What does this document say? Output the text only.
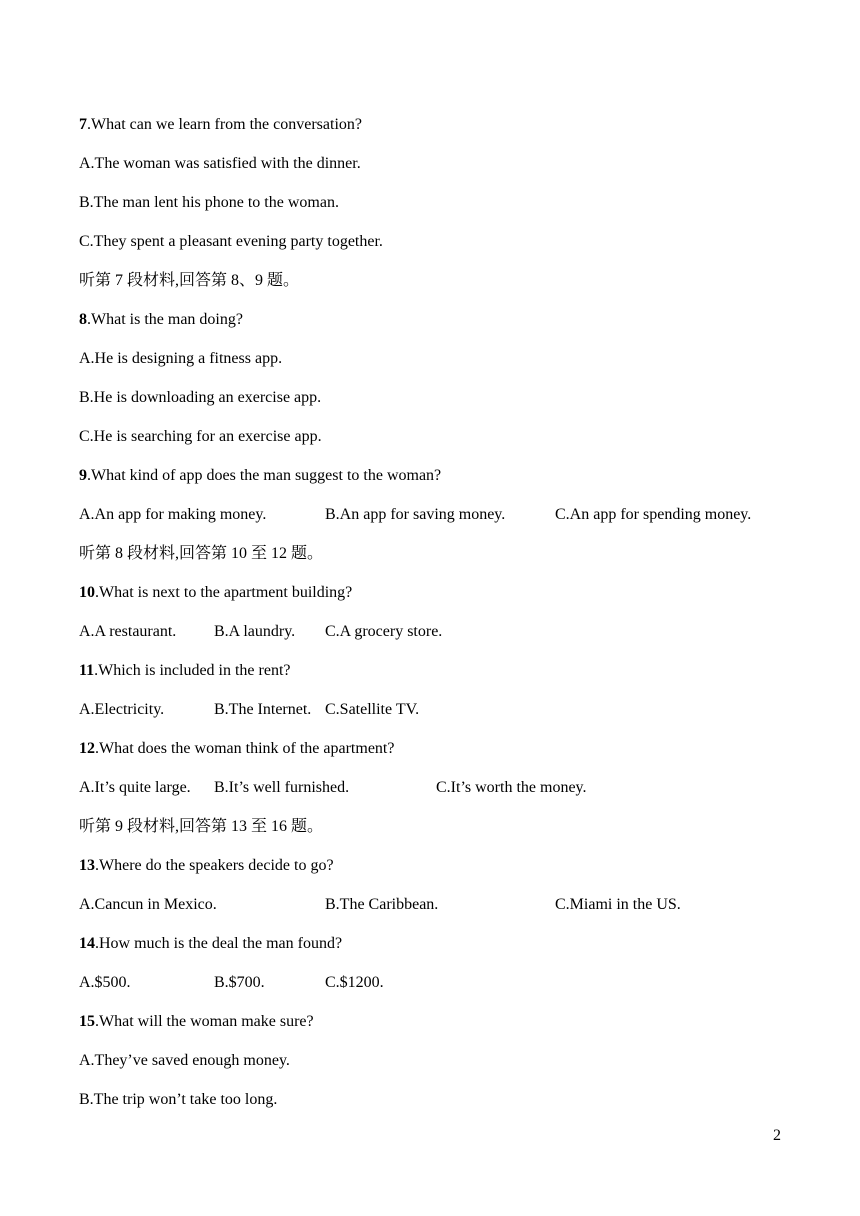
7.What can we learn from the conversation?
A.The woman was satisfied with the dinner.
B.The man lent his phone to the woman.
C.They spent a pleasant evening party together.
听第 7 段材料,回答第 8、9 题。
8.What is the man doing?
A.He is designing a fitness app.
B.He is downloading an exercise app.
C.He is searching for an exercise app.
9.What kind of app does the man suggest to the woman?
A.An app for making money.	B.An app for saving money.	C.An app for spending money.
听第 8 段材料,回答第 10 至 12 题。
10.What is next to the apartment building?
A.A restaurant. B.A laundry. C.A grocery store.
11.Which is included in the rent?
A.Electricity.	B.The Internet. C.Satellite TV.
12.What does the woman think of the apartment?
A.It’s quite large. B.It’s well furnished.	C.It’s worth the money.
听第 9 段材料,回答第 13 至 16 题。
13.Where do the speakers decide to go?
A.Cancun in Mexico.	B.The Caribbean.	C.Miami in the US.
14.How much is the deal the man found?
A.$500.	B.$700.	C.$1200.
15.What will the woman make sure?
A.They’ve saved enough money.
B.The trip won’t take too long.
2
